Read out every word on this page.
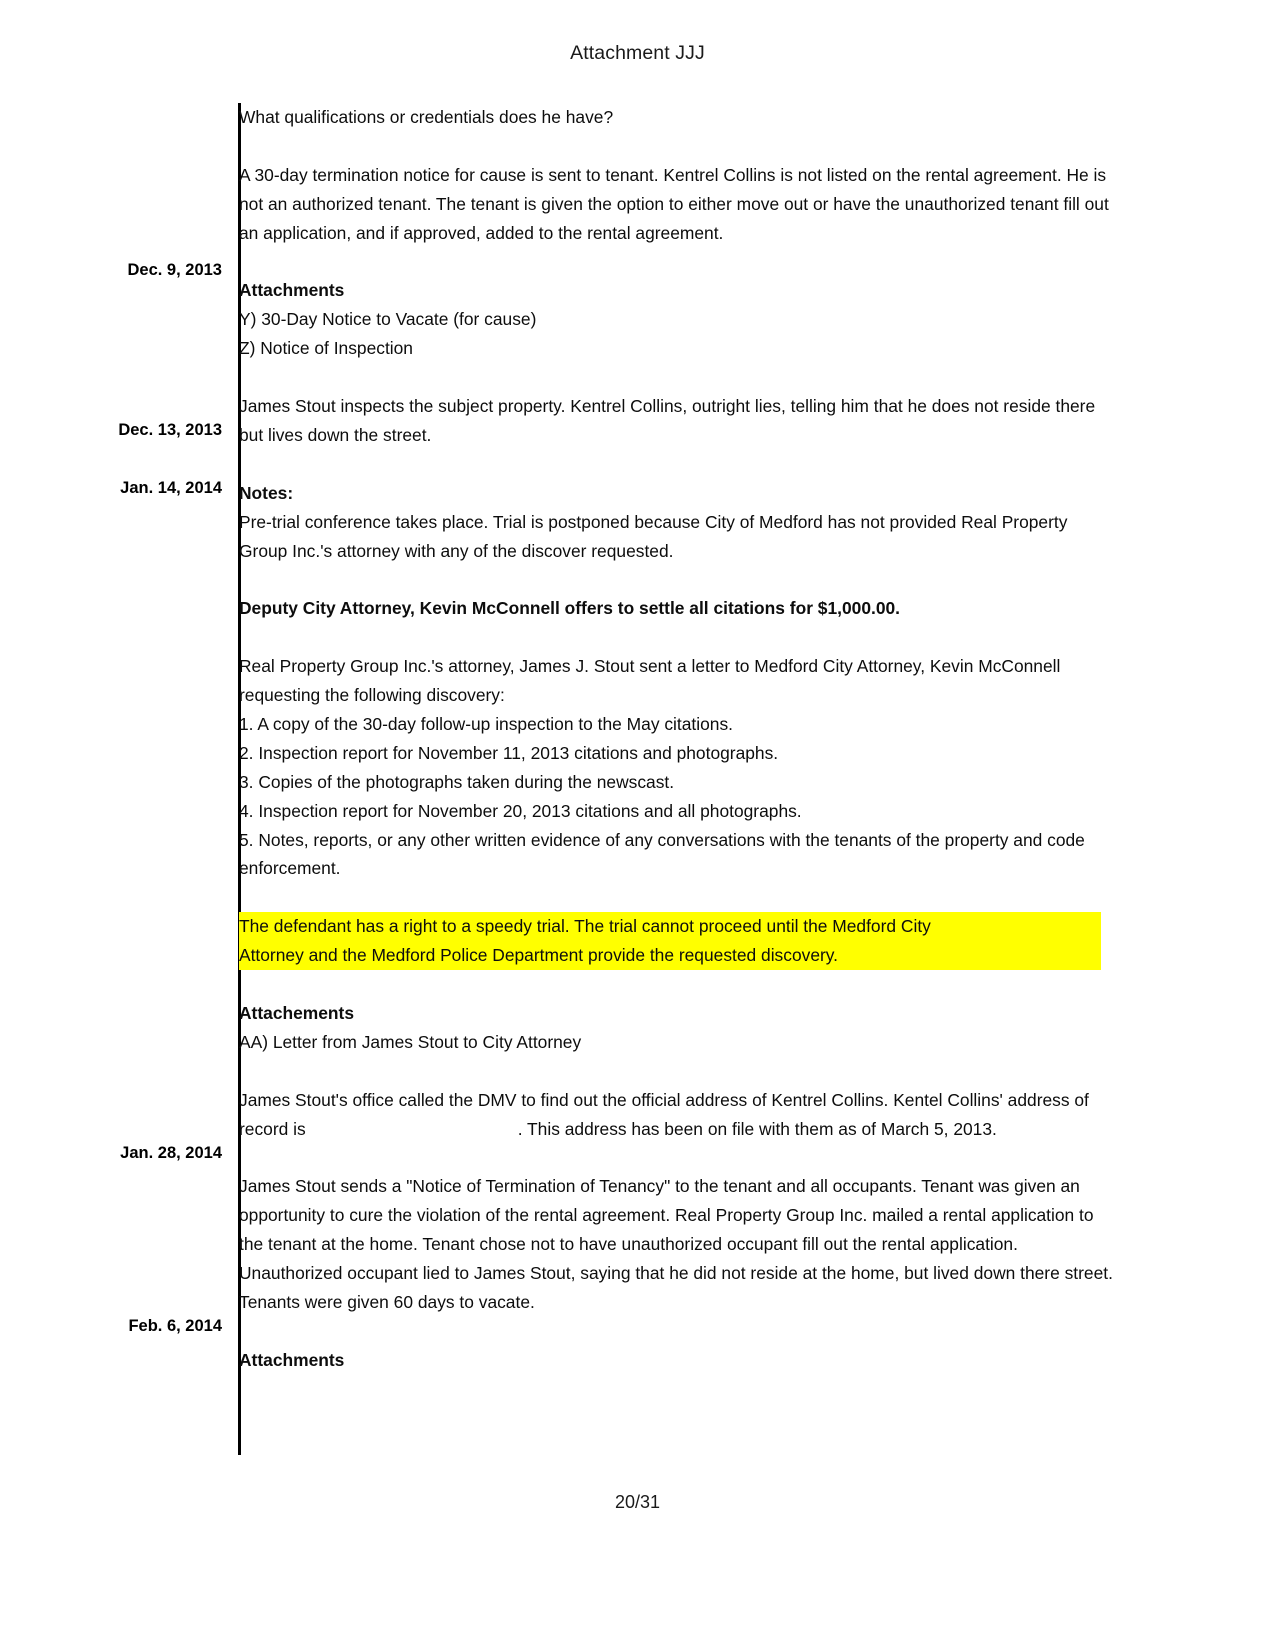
Attachment JJJ
Dec. 9, 2013

What qualifications or credentials does he have?

A 30-day termination notice for cause is sent to tenant. Kentrel Collins is not listed on the rental agreement. He is not an authorized tenant. The tenant is given the option to either move out or have the unauthorized tenant fill out an application, and if approved, added to the rental agreement.

Attachments

Y) 30-Day Notice to Vacate (for cause)

Z) Notice of Inspection

Dec. 13, 2013

James Stout inspects the subject property. Kentrel Collins, outright lies, telling him that he does not reside there but lives down the street.

Jan. 14, 2014 Notes:

Pre-trial conference takes place. Trial is postponed because City of Medford has not provided Real Property Group Inc.'s attorney with any of the discover requested.

Deputy City Attorney, Kevin McConnell offers to settle all citations for $1,000.00.

Real Property Group Inc.'s attorney, James J. Stout sent a letter to Medford City Attorney, Kevin McConnell requesting the following discovery:

1. A copy of the 30-day follow-up inspection to the May citations.

2. Inspection report for November 11, 2013 citations and photographs.

3. Copies of the photographs taken during the newscast.

4. Inspection report for November 20, 2013 citations and all photographs.

5. Notes, reports, or any other written evidence of any conversations with the tenants of the property and code enforcement.

The defendant has a right to a speedy trial. The trial cannot proceed until the Medford City
Attorney and the Medford Police Department provide the requested discovery.

Attachements

AA) Letter from James Stout to City Attorney

Jan. 28, 2014

James Stout's office called the DMV to find out the official address of Kentrel Collins. Kentel Collins' address of record is	. This address has been on file with them as of March 5, 2013.

Feb. 6, 2014

James Stout sends a "Notice of Termination of Tenancy" to the tenant and all occupants. Tenant was given an opportunity to cure the violation of the rental agreement. Real Property Group Inc. mailed a rental application to the tenant at the home. Tenant chose not to have unauthorized occupant fill out the rental application. Unauthorized occupant lied to James Stout, saying that he did not reside at the home, but lived down there street. Tenants were given 60 days to vacate.

Attachments

20/31
